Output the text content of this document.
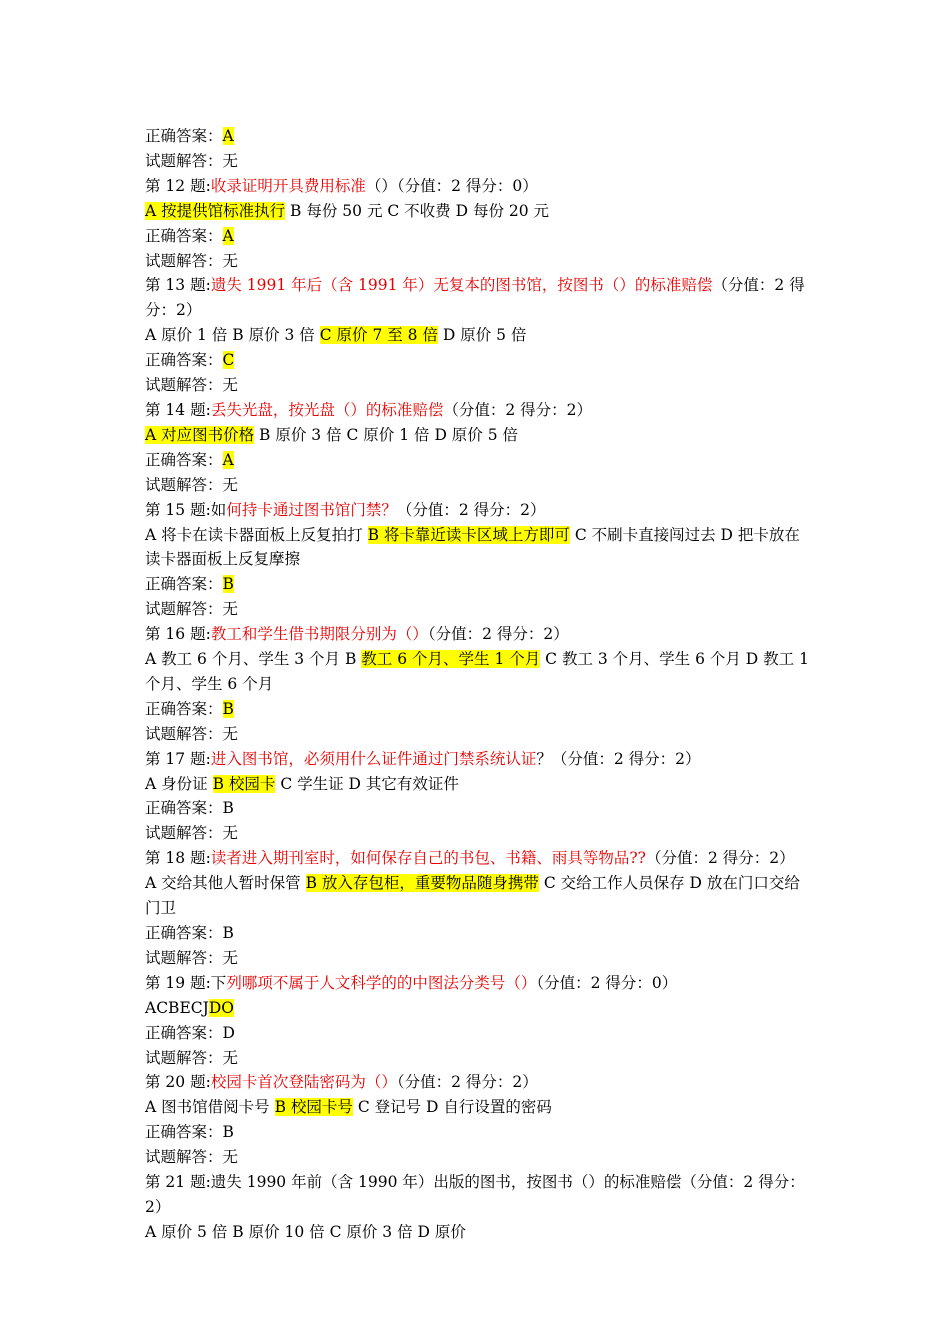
正确答案：A
试题解答：无
第 12 题:收录证明开具费用标准（）（分值：2 得分：0）
A 按提供馆标准执行 B 每份 50 元 C 不收费 D 每份 20 元
正确答案：A
试题解答：无
第 13 题:遗失 1991 年后（含 1991 年）无复本的图书馆，按图书（）的标准赔偿（分值：2 得分：2）
A 原价 1 倍 B 原价 3 倍 C 原价 7 至 8 倍 D 原价 5 倍
正确答案：C
试题解答：无
第 14 题:丢失光盘，按光盘（）的标准赔偿（分值：2 得分：2）
A 对应图书价格 B 原价 3 倍 C 原价 1 倍 D 原价 5 倍
正确答案：A
试题解答：无
第 15 题:如何持卡通过图书馆门禁？（分值：2 得分：2）
A 将卡在读卡器面板上反复拍打 B 将卡靠近读卡区域上方即可 C 不刷卡直接闯过去 D 把卡放在读卡器面板上反复摩擦
正确答案：B
试题解答：无
第 16 题:教工和学生借书期限分别为（）（分值：2 得分：2）
A 教工 6 个月、学生 3 个月 B 教工 6 个月、学生 1 个月 C 教工 3 个月、学生 6 个月 D 教工 1 个月、学生 6 个月
正确答案：B
试题解答：无
第 17 题:进入图书馆，必须用什么证件通过门禁系统认证？（分值：2 得分：2）
A 身份证 B 校园卡 C 学生证 D 其它有效证件
正确答案：B
试题解答：无
第 18 题:读者进入期刊室时，如何保存自己的书包、书籍、雨具等物品??（分值：2 得分：2）
A 交给其他人暂时保管 B 放入存包柜，重要物品随身携带 C 交给工作人员保存 D 放在门口交给门卫
正确答案：B
试题解答：无
第 19 题:下列哪项不属于人文科学的的中图法分类号（）（分值：2 得分：0）
ACBECJDO
正确答案：D
试题解答：无
第 20 题:校园卡首次登陆密码为（）（分值：2 得分：2）
A 图书馆借阅卡号 B 校园卡号 C 登记号 D 自行设置的密码
正确答案：B
试题解答：无
第 21 题:遗失 1990 年前（含 1990 年）出版的图书，按图书（）的标准赔偿（分值：2 得分：2）
A 原价 5 倍 B 原价 10 倍 C 原价 3 倍 D 原价
